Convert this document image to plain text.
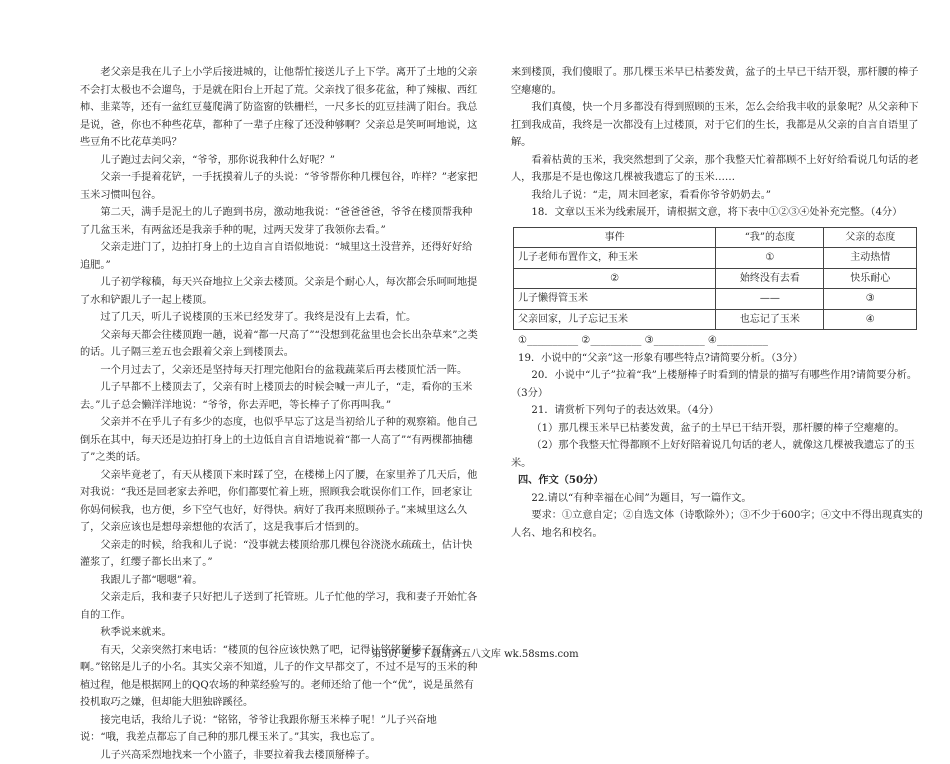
老父亲是我在儿子上小学后接进城的，让他帮忙接送儿子上下学。离开了土地的父亲不会打太极也不会遛鸟，于是就在阳台上开起了荒。父亲找了很多花盆，种了辣椒、西红柿、韭菜等，还有一盆红豆蔓爬满了防盗窗的铁栅栏，一尺多长的豇豆挂满了阳台。我总是说，爸，你也不种些花草，都种了一辈子庄稼了还没种够啊？父亲总是笑呵呵地说，这些豆角不比花草美吗？

儿子跑过去问父亲，“爷爷，那你说我种什么好呢？”

父亲一手提着花铲，一手抚摸着儿子的头说：“爷爷帮你种几棵包谷，咋样？”老家把玉米习惯叫包谷。

第二天，满手是泥土的儿子跑到书房，激动地我说：“爸爸爸爸，爷爷在楼顶帮我种了几盆玉米，有两盆还是我亲手种的呢，过两天发芽了我领你去看。”

父亲走进门了，边拍打身上的土边自言自语似地说：“城里这土没营养，还得好好给追肥。”

儿子初学稼穑，每天兴奋地拉上父亲去楼顶。父亲是个耐心人，每次都会乐呵呵地提了水和铲跟儿子一起上楼顶。

过了几天，听儿子说楼顶的玉米已经发芽了。我终是没有上去看，忙。

父亲每天都会往楼顶跑一趟，说着“都一尺高了”“没想到花盆里也会长出杂草来”之类的话。儿子隔三差五也会跟着父亲上到楼顶去。

一个月过去了，父亲还是坚持每天打理完他阳台的盆栽蔬菜后再去楼顶忙活一阵。

儿子早都不上楼顶去了，父亲有时上楼顶去的时候会喊一声儿子，“走，看你的玉米去。”儿子总会懒洋洋地说：“爷爷，你去弄吧，等长棒子了你再叫我。”

父亲并不在乎儿子有多少的态度，也似乎早忘了这是当初给儿子种的观察箱。他自己倒乐在其中，每天还是边拍打身上的土边低自言自语地说着“都一人高了”“有两棵都抽穗了”之类的话。

父亲毕竟老了，有天从楼顶下来时踩了空，在楼梯上闪了腰，在家里养了几天后，他对我说：“我还是回老家去养吧，你们都要忙着上班，照顾我会耽误你们工作，回老家让你妈伺候我，也方便，乡下空气也好，好得快。病好了我再来照顾孙子。”来城里这么久了，父亲应该也是想母亲想他的农活了，这是我事后才悟到的。

父亲走的时候，给我和儿子说：“没事就去楼顶给那几棵包谷浇浇水疏疏土，估计快灌浆了，红缨子都长出来了。”

我跟儿子都“嗯嗯”着。

父亲走后，我和妻子只好把儿子送到了托管班。儿子忙他的学习，我和妻子开始忙各自的工作。

秋季说来就来。

有天，父亲突然打来电话：“楼顶的包谷应该快熟了吧，记得让铭铭掰棒子写作文啊。”铭铭是儿子的小名。其实父亲不知道，儿子的作文早都交了，不过不是写的玉米的种植过程，他是根据网上的QQ农场的种菜经验写的。老师还给了他一个“优”，说是虽然有投机取巧之嫌，但却能大胆独辟蹊径。

接完电话，我给儿子说：“铭铭，爷爷让我跟你掰玉米棒子呢！”儿子兴奋地说：“哦，我差点都忘了自己种的那几棵玉米了。”其实，我也忘了。

儿子兴高采烈地找来一个小篮子，非要拉着我去楼顶掰棒子。

来到楼顶，我们傻眼了。那几棵玉米早已枯萎发黄，盆子的土早已干结开裂，那杆腰的棒子空瘪瘪的。

我们真傻，快一个月多都没有得到照顾的玉米，怎么会给我丰收的景象呢？从父亲种下扛到我成苗，我终是一次都没有上过楼顶，对于它们的生长，我都是从父亲的自言自语里了解。

看着枯黄的玉米，我突然想到了父亲，那个我整天忙着都顾不上好好给看说几句话的老人，我那是不是也像这几棵被我遗忘了的玉米……

我给儿子说：“走，周末回老家，看看你爷爷奶奶去。”

18．文章以玉米为线索展开，请根据文意，将下表中①②③④处补充完整。（4分）

事件	“我”的态度	父亲的态度
儿子老师布置作文，种玉米	①	主动热情
②	始终没有去看	快乐耐心
儿子懒得管玉米	——	③
父亲回家，儿子忘记玉米	也忘记了玉米	④

①__________ ②__________ ③__________ ④__________

19．小说中的“父亲”这一形象有哪些特点?请简要分析。（3分）

20．小说中“儿子”拉着“我”上楼掰棒子时看到的情景的描写有哪些作用?请简要分析。（3分）

21．请赏析下列句子的表达效果。（4分）

（1）那几棵玉米早已枯萎发黄，盆子的土早已干结开裂，那杆腰的棒子空瘪瘪的。

（2）那个我整天忙得都顾不上好好陪着说几句话的老人，就像这几棵被我遗忘了的玉米。

四、作文（50分）

22.请以“有种幸福在心间”为题目，写一篇作文。

要求：①立意自定；②自选文体（诗歌除外）；③不少于600字；④文中不得出现真实的人名、地名和校名。

第3页 更多下载请到五八文库 wk.58sms.com
